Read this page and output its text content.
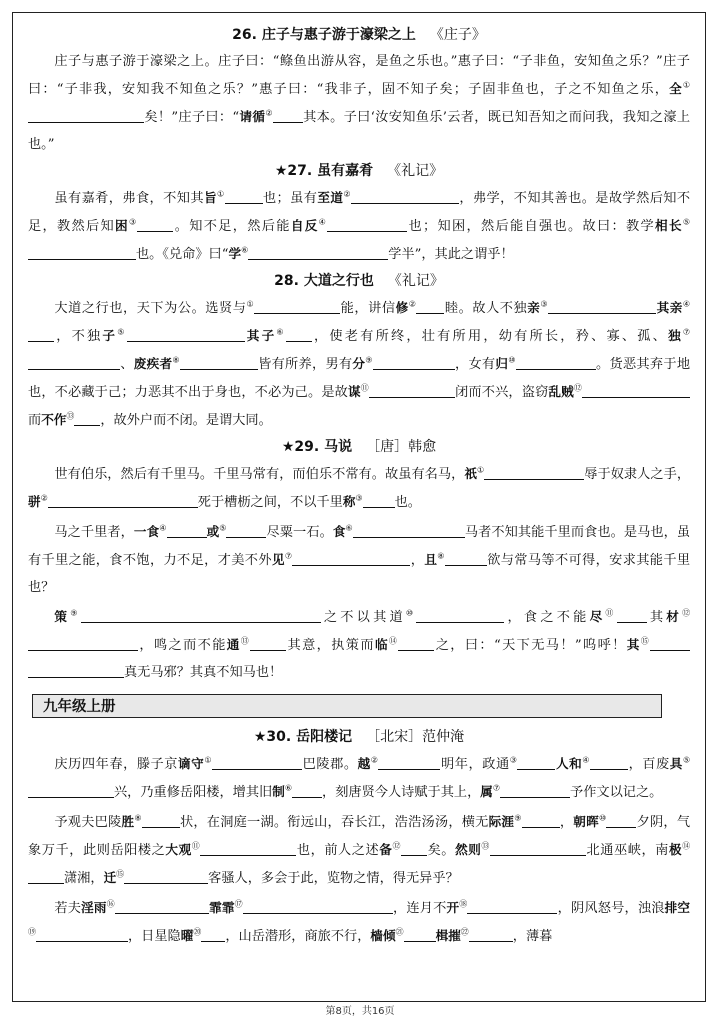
26. 庄子与惠子游于濠梁之上 《庄子》

庄子与惠子游于濠梁之上。庄子曰：“鲦鱼出游从容，是鱼之乐也。”惠子曰：“子非鱼，安知鱼之乐？”庄子曰：“子非我，安知我不知鱼之乐？”惠子曰：“我非子，固不知子矣；子固非鱼也，子之不知鱼之乐，全①矣！”庄子曰：“请循② 其本。子曰‘汝安知鱼乐’云者，既已知吾知之而问我，我知之濠上也。”

★27. 虽有嘉肴 《礼记》

虽有嘉肴，弗食，不知其旨①	也；虽有至道②	，弗学，不知其善也。是故学然后知不足，教然后知困③	。知不足，然后能自反④	也；知困，然后能自强也。故曰：教学相长⑤也。《兑命》曰“学⑥	学半”，其此之谓乎！

28. 大道之行也 《礼记》

大道之行也，天下为公。选贤与①	能，讲信修② 睦。故人不独亲③	其亲④，不独子⑤	其子⑥ ，使老有所终，壮有所用，幼有所长，矜、寡、孤、独⑦、废疾者⑧	皆有所养，男有分⑨	，女有归⑩	。货恶其弃于地也，不必藏于己；力恶其不出于身也，不必为己。是故谋⑪	闭而不兴，盗窃乱贼⑫而不作⑬ ，故外户而不闭。是谓大同。

★29. 马说 ［唐］韩愈

世有伯乐，然后有千里马。千里马常有，而伯乐不常有。故虽有名马，祇①	辱于奴隶人之手，骈②	死于槽枥之间，不以千里称③ 也。

马之千里者，一食④	或⑤	尽粟一石。食⑥	马者不知其能千里而食也。是马也，虽有千里之能，食不饱，力不足，才美不外见⑦	，且⑧	欲与常马等不可得，安求其能千里也？

策⑨	之不以其道⑩	，食之不能尽⑪ 其材⑫，鸣之而不能通⑬	其意，执策而临⑭	之，曰：“天下无马！”呜呼！其⑮真无马邪？其真不知马也！

九年级上册
★30. 岳阳楼记 ［北宋］范仲淹

庆历四年春，滕子京谪守①	巴陵郡。越②	明年，政通③	人和④	，百废具⑤兴，乃重修岳阳楼，增其旧制⑥ ，刻唐贤今人诗赋于其上，属⑦	予作文以记之。

予观夫巴陵胜⑧	状，在洞庭一湖。衔远山，吞长江，浩浩汤汤，横无际涯⑨	，朝晖⑩ 夕阴，气象万千，此则岳阳楼之大观⑪	也，前人之述备⑫ 矣。然则⑬	北通巫峡，南极⑭潇湘，迁⑮	客骚人，多会于此，览物之情，得无异乎？

若夫淫雨⑯	霏霏⑰	，连月不开⑱	，阴风怒号，浊浪排空⑲	，日星隐曜⑳ ，山岳潜形，商旅不行，樯倾$^㉑$	楫摧$^㉒$	，薄暮

第8页，共16页
